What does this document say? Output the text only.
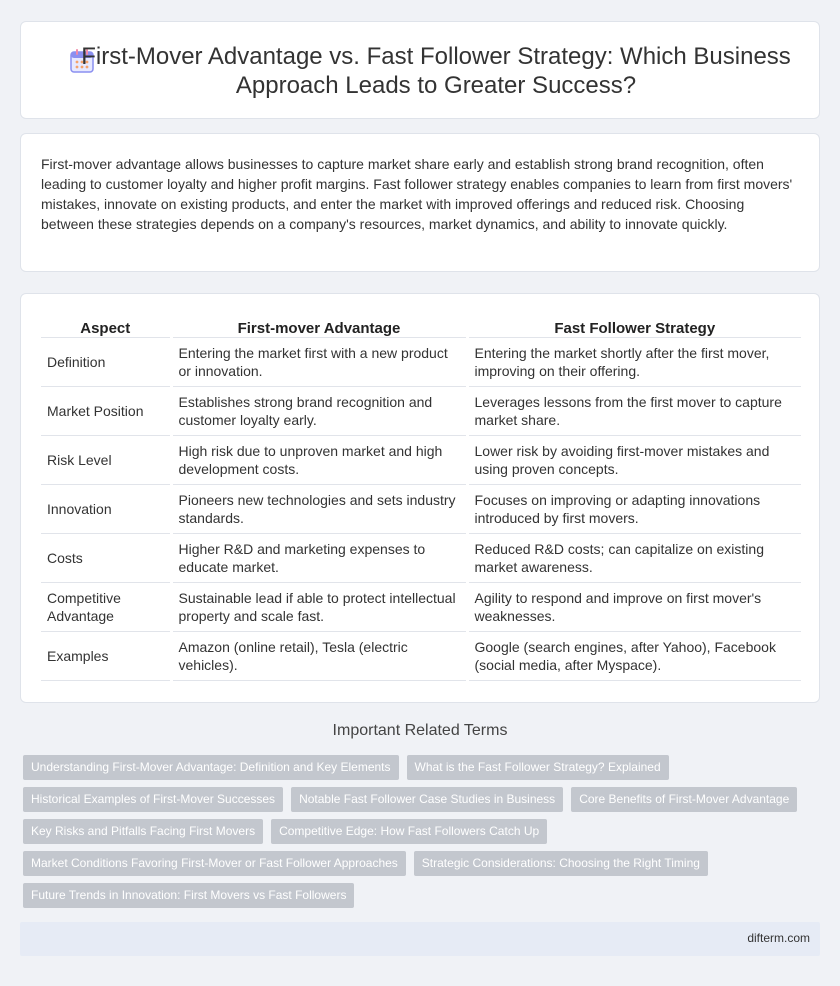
First-Mover Advantage vs. Fast Follower Strategy: Which Business Approach Leads to Greater Success?

First-mover advantage allows businesses to capture market share early and establish strong brand recognition, often leading to customer loyalty and higher profit margins. Fast follower strategy enables companies to learn from first movers' mistakes, innovate on existing products, and enter the market with improved offerings and reduced risk. Choosing between these strategies depends on a company's resources, market dynamics, and ability to innovate quickly.

Aspect	First-mover Advantage	Fast Follower Strategy
Definition	Entering the market first with a new product or innovation.	Entering the market shortly after the first mover, improving on their offering.
Market Position	Establishes strong brand recognition and customer loyalty early.	Leverages lessons from the first mover to capture market share.
Risk Level	High risk due to unproven market and high development costs.	Lower risk by avoiding first-mover mistakes and using proven concepts.
Innovation	Pioneers new technologies and sets industry standards.	Focuses on improving or adapting innovations introduced by first movers.
Costs	Higher R&D and marketing expenses to educate market.	Reduced R&D costs; can capitalize on existing market awareness.
Competitive Advantage	Sustainable lead if able to protect intellectual property and scale fast.	Agility to respond and improve on first mover's weaknesses.
Examples	Amazon (online retail), Tesla (electric vehicles).	Google (search engines, after Yahoo), Facebook (social media, after Myspace).
Important Related Terms
Understanding First-Mover Advantage: Definition and Key Elements	What is the Fast Follower Strategy? Explained
Historical Examples of First-Mover Successes	Notable Fast Follower Case Studies in Business	Core Benefits of First-Mover Advantage
Key Risks and Pitfalls Facing First Movers	Competitive Edge: How Fast Followers Catch Up
Market Conditions Favoring First-Mover or Fast Follower Approaches	Strategic Considerations: Choosing the Right Timing
Future Trends in Innovation: First Movers vs Fast Followers
difterm.com
